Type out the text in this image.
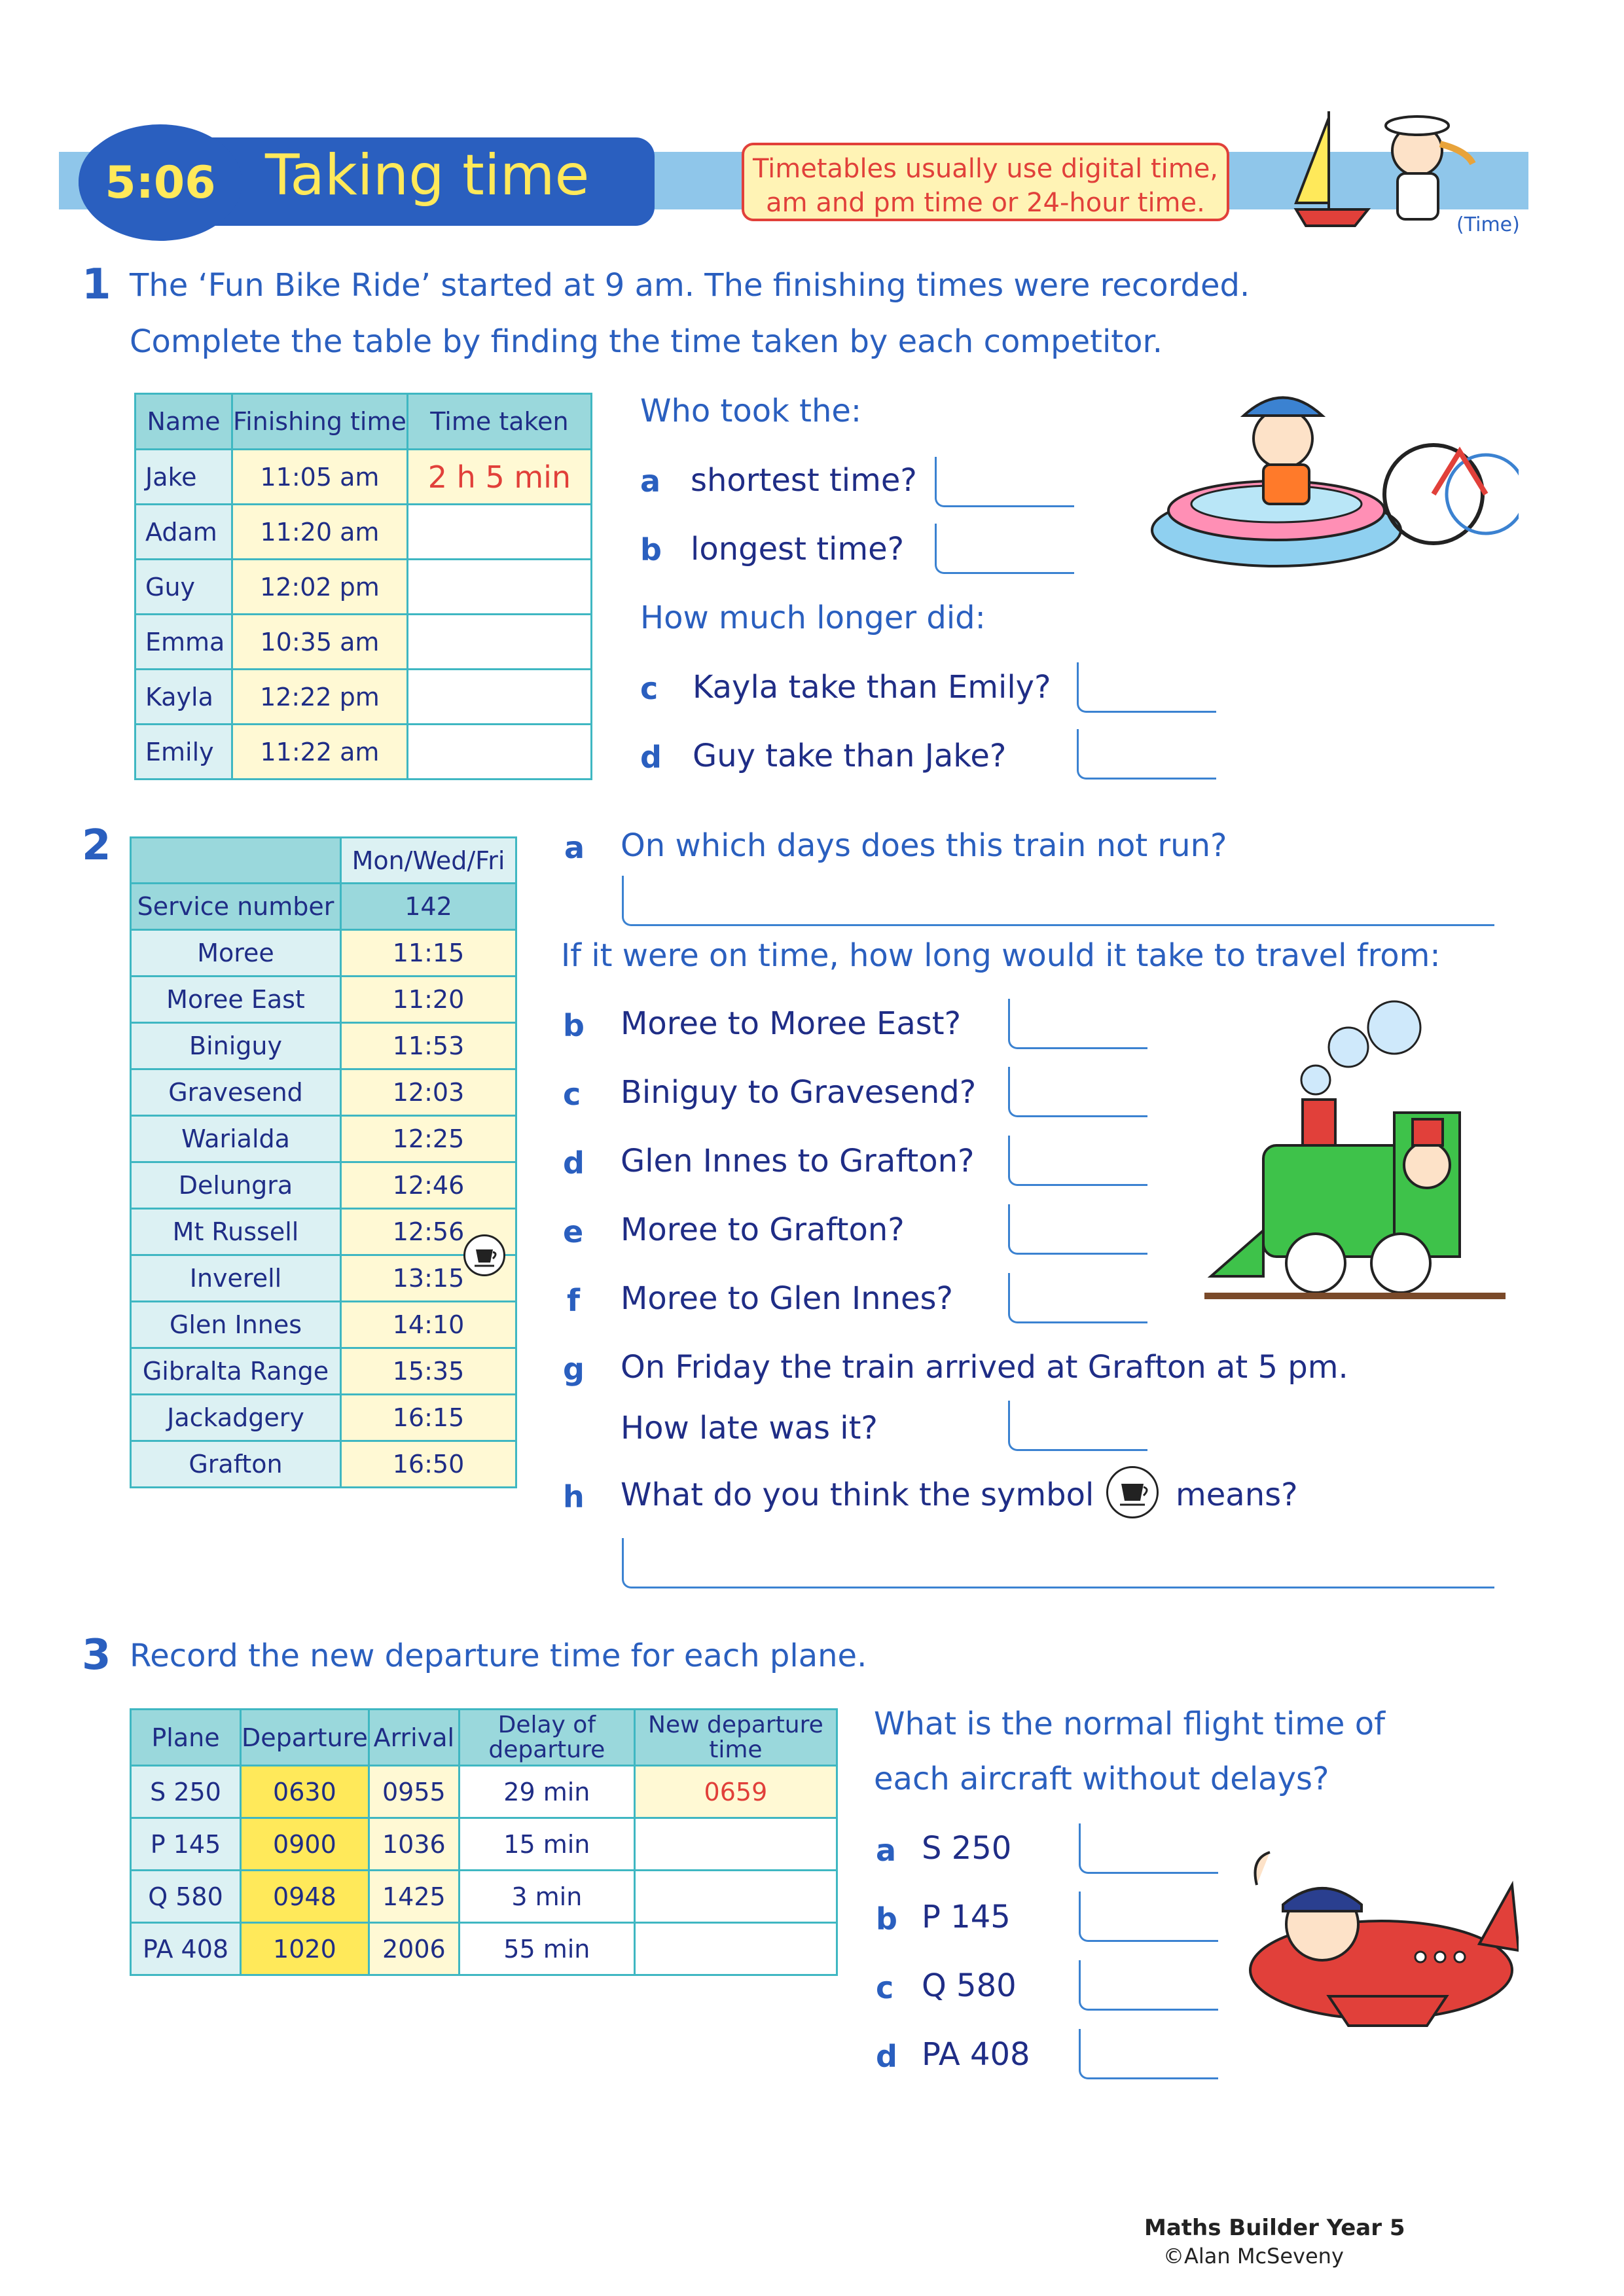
5:06 Taking time	Timetables usually use digital time,
am and pm time or 24-hour time.
(Time)
1 The ‘Fun Bike Ride’ started at 9 am. The finishing times were recorded.
Complete the table by finding the time taken by each competitor.
Name	Finishing time	Time taken
Jake	11:05 am	2 h 5 min
Adam	11:20 am	
Guy	12:02 pm	
Emma	10:35 am	
Kayla	12:22 pm	
Emily	11:22 am	
Who took the:
a shortest time?
b longest time?
How much longer did:
c Kayla take than Emily?
d Guy take than Jake?
2
		Mon/Wed/Fri
Service number	142
Moree	11:15
Moree East	11:20
Biniguy	11:53
Gravesend	12:03
Warialda	12:25
Delungra	12:46
Mt Russell	12:56
Inverell	13:15
Glen Innes	14:10
Gibralta Range	15:35
Jackadgery	16:15
Grafton	16:50
a On which days does this train not run?
If it were on time, how long would it take to travel from:
b Moree to Moree East?
c Biniguy to Gravesend?
d Glen Innes to Grafton?
e Moree to Grafton?
f Moree to Glen Innes?
g On Friday the train arrived at Grafton at 5 pm.
How late was it?
h What do you think the symbol	means?
3 Record the new departure time for each plane.
Plane	Departure	Arrival	Delay of departure	New departure time
S 250	0630	0955	29 min	0659
P 145	0900	1036	15 min	
Q 580	0948	1425	3 min	
PA 408	1020	2006	55 min	
What is the normal flight time of
each aircraft without delays?
a S 250
b P 145
c Q 580
d PA 408
Maths Builder Year 5
©Alan McSeveny
